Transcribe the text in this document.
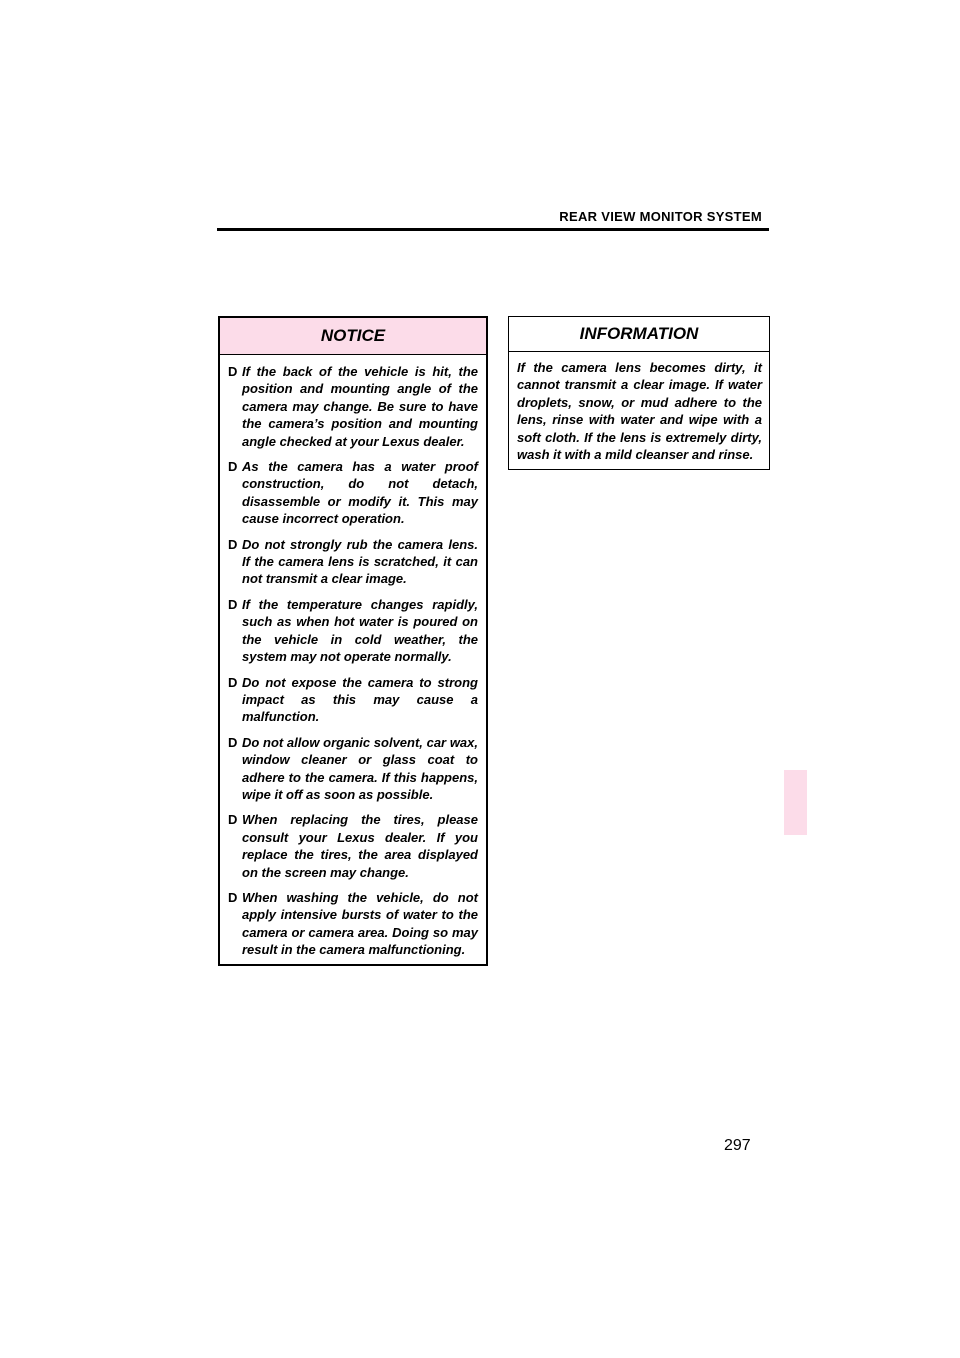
REAR VIEW MONITOR SYSTEM
NOTICE
D If the back of the vehicle is hit, the position and mounting angle of the camera may change. Be sure to have the camera’s position and mounting angle checked at your Lexus dealer.
D As the camera has a water proof construction, do not detach, disassemble or modify it. This may cause incorrect operation.
D Do not strongly rub the camera lens. If the camera lens is scratched, it can not transmit a clear image.
D If the temperature changes rapidly, such as when hot water is poured on the vehicle in cold weather, the system may not operate normally.
D Do not expose the camera to strong impact as this may cause a malfunction.
D Do not allow organic solvent, car wax, window cleaner or glass coat to adhere to the camera. If this happens, wipe it off as soon as possible.
D When replacing the tires, please consult your Lexus dealer. If you replace the tires, the area displayed on the screen may change.
D When washing the vehicle, do not apply intensive bursts of water to the camera or camera area. Doing so may result in the camera malfunctioning.
INFORMATION
If the camera lens becomes dirty, it cannot transmit a clear image. If water droplets, snow, or mud adhere to the lens, rinse with water and wipe with a soft cloth. If the lens is extremely dirty, wash it with a mild cleanser and rinse.
297
